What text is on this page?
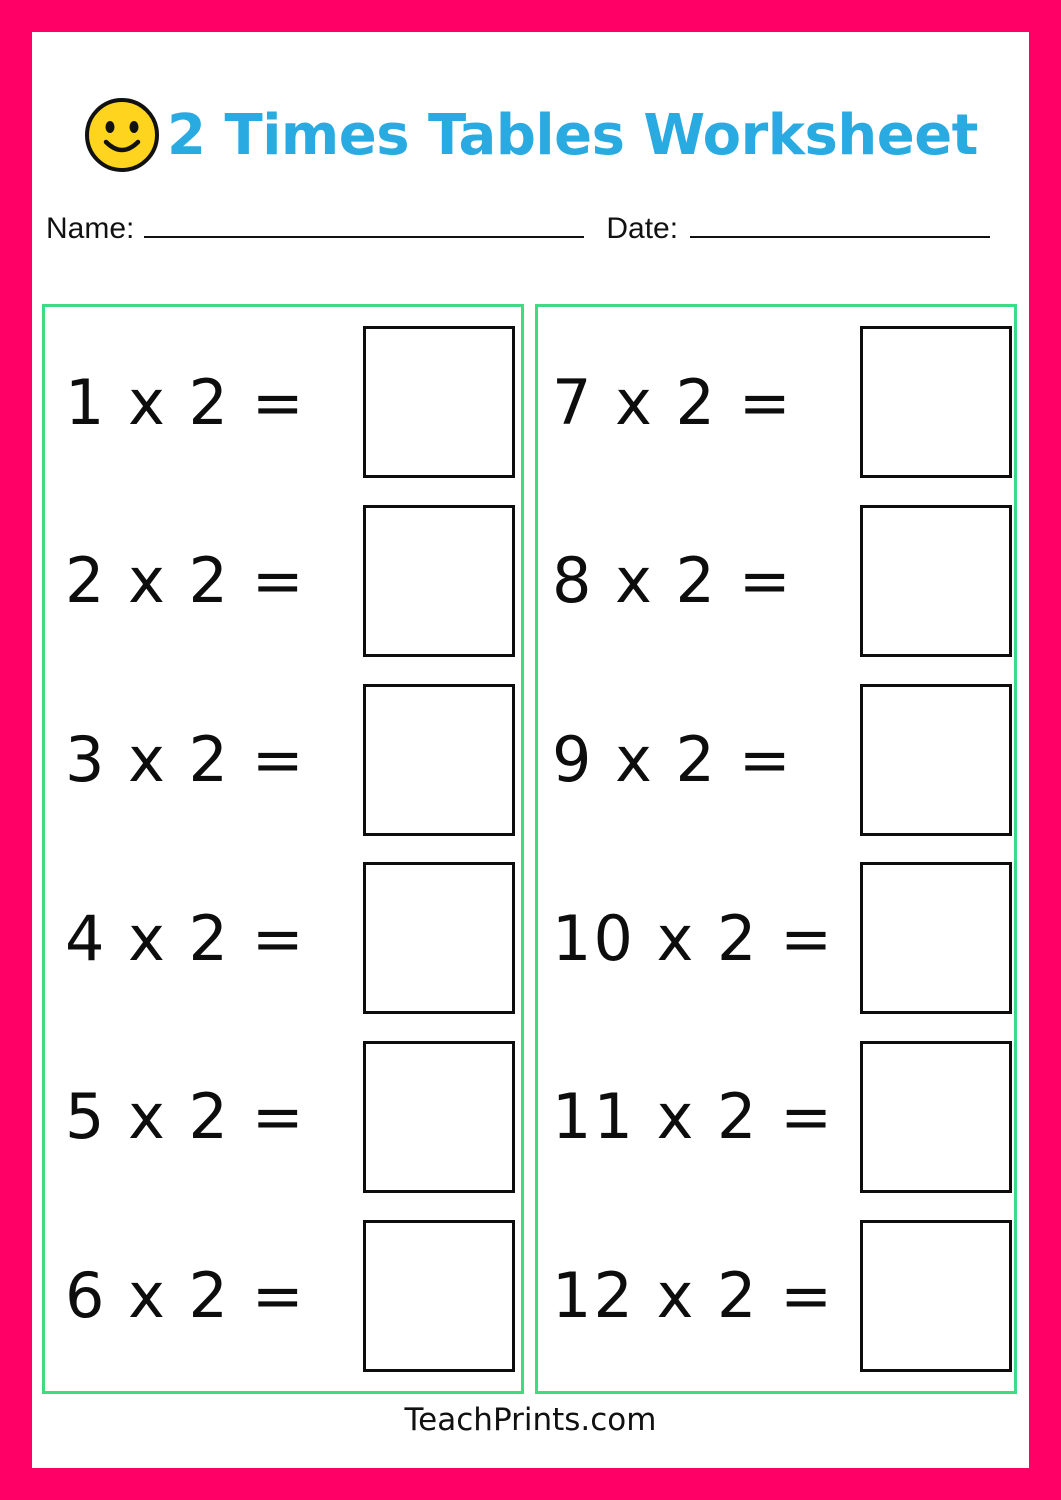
2 Times Tables Worksheet
Name:	Date:
1 x 2 =
2 x 2 =
3 x 2 =
4 x 2 =
5 x 2 =
6 x 2 =
7 x 2 =
8 x 2 =
9 x 2 =
10 x 2 =
11 x 2 =
12 x 2 =
TeachPrints.com
